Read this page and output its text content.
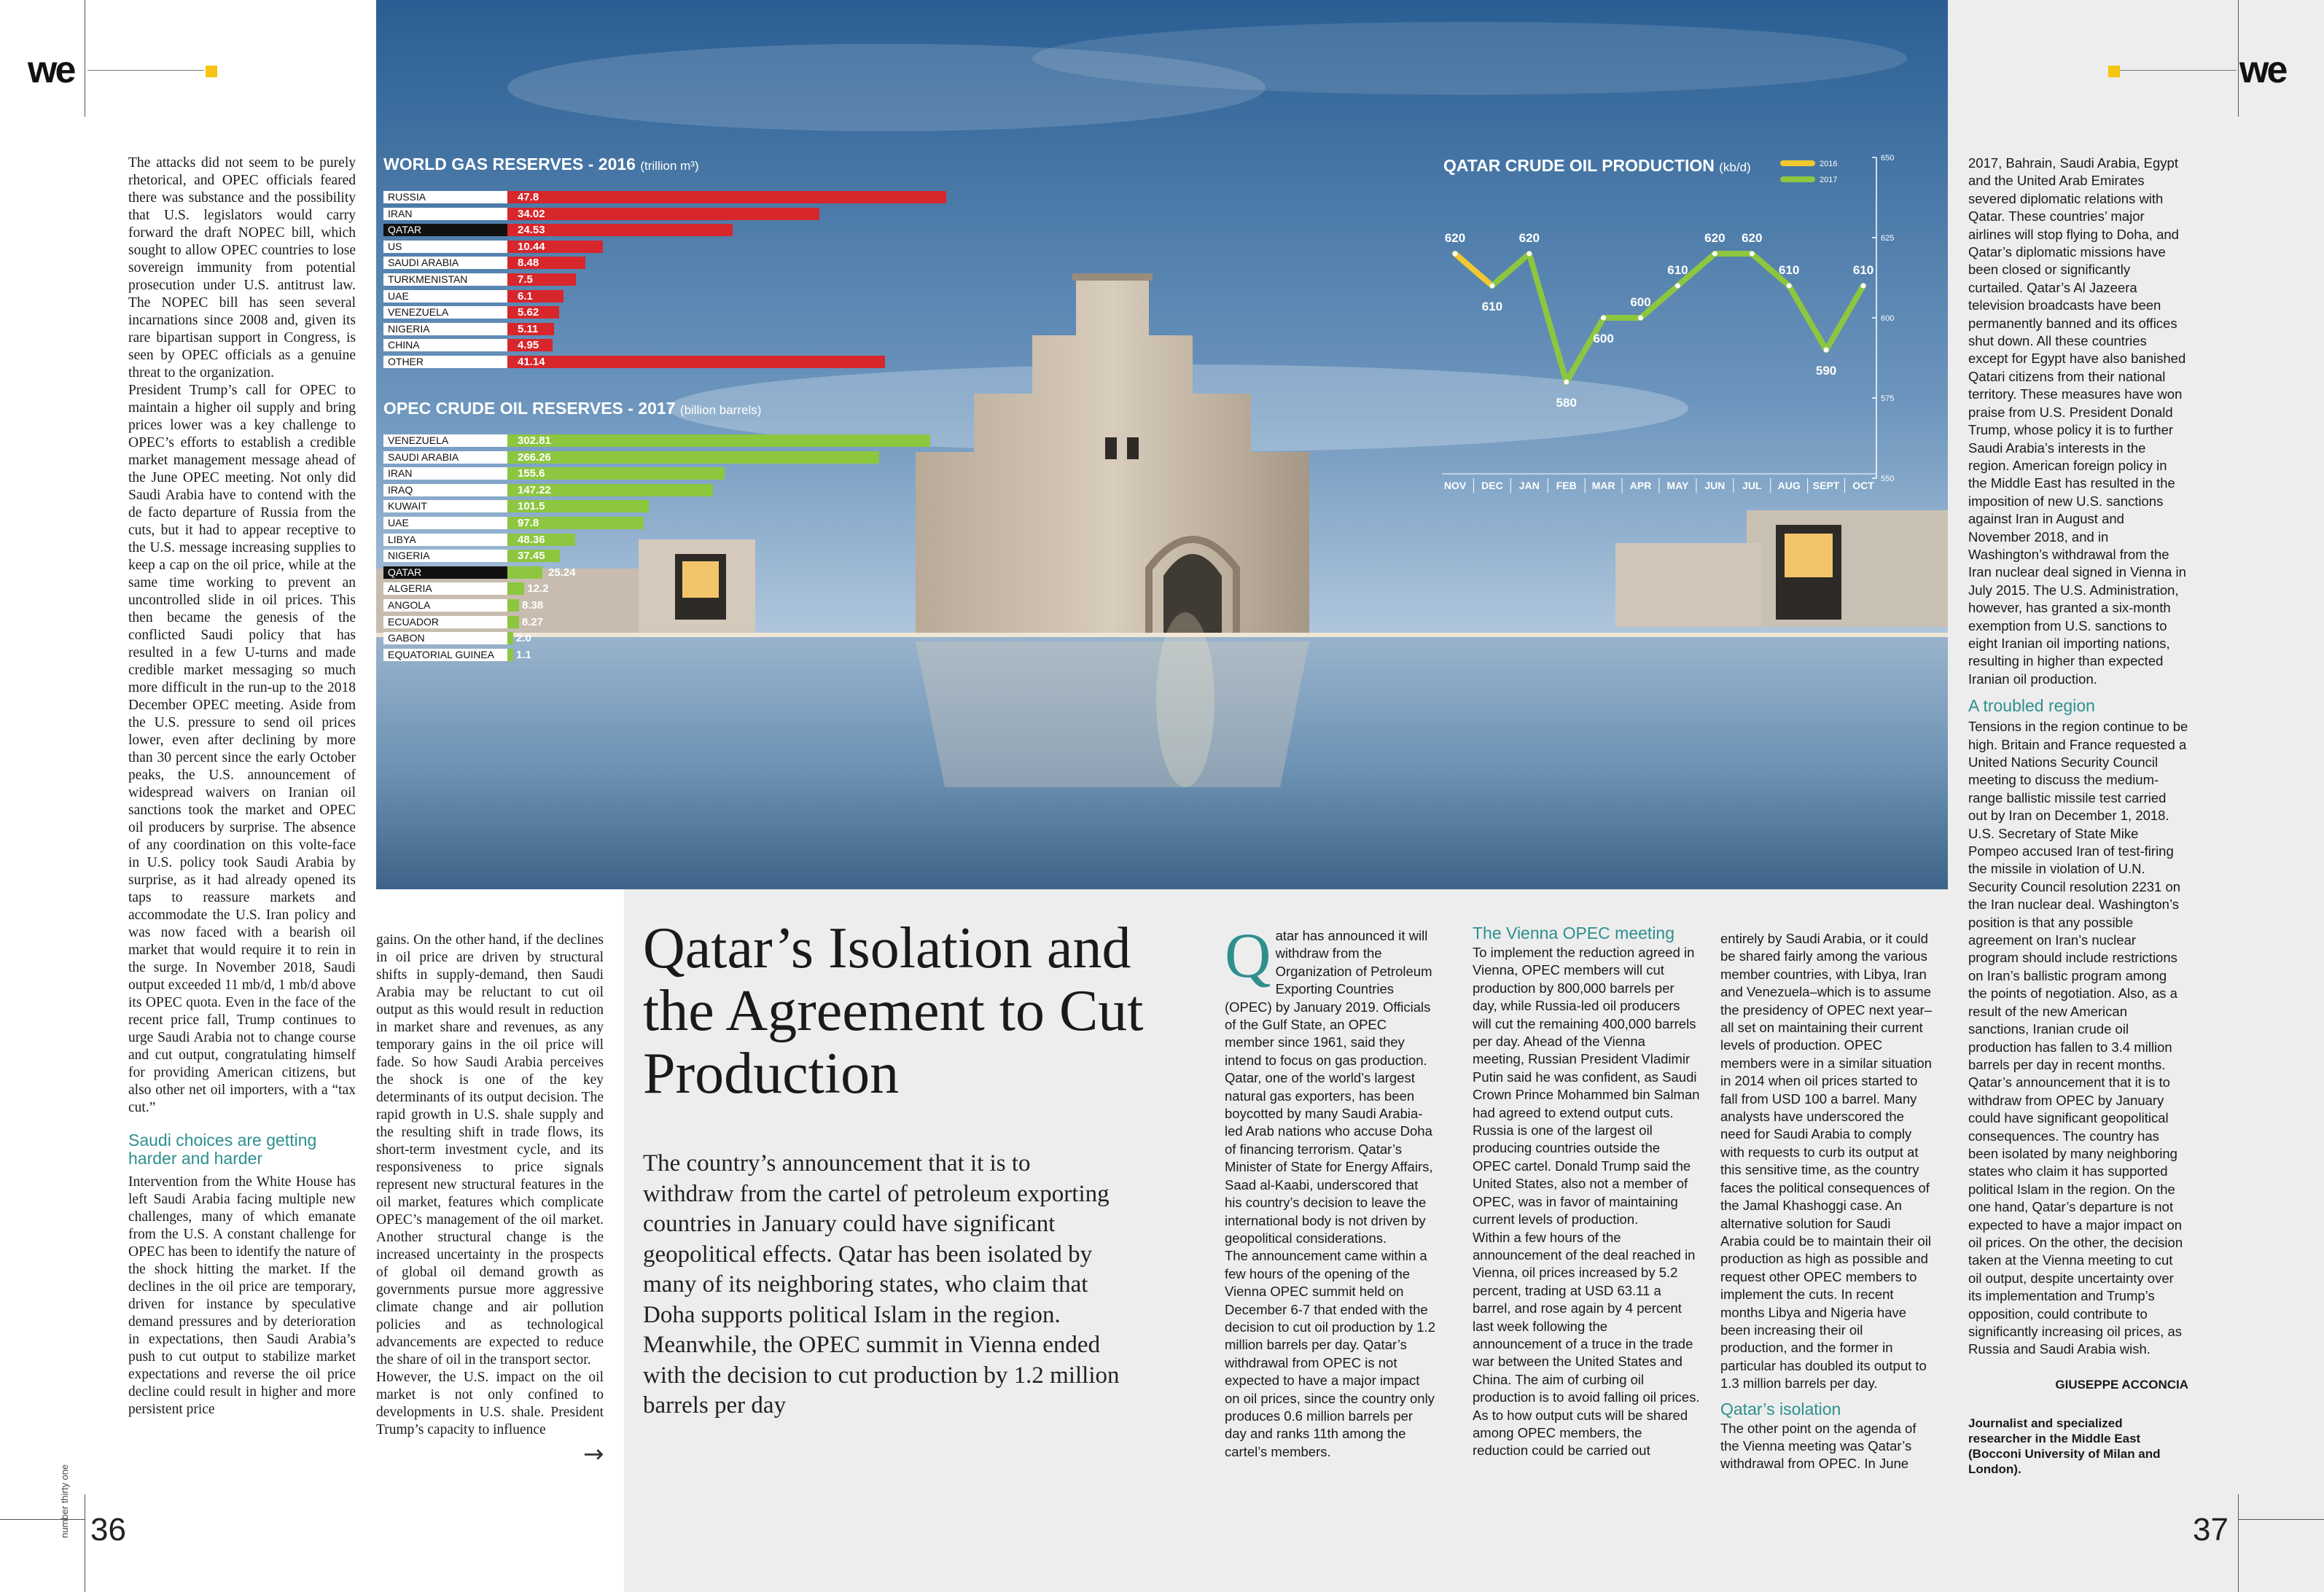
WORLD GAS RESERVES - 2016 (trillion m³)
RUSSIA	47.8
IRAN	34.02
QATAR	24.53
US	10.44
SAUDI ARABIA	8.48
TURKMENISTAN	7.5
UAE	6.1
VENEZUELA	5.62
NIGERIA	5.11
CHINA	4.95
OTHER	41.14
OPEC CRUDE OIL RESERVES - 2017 (billion barrels)
VENEZUELA	302.81
SAUDI ARABIA	266.26
IRAN	155.6
IRAQ	147.22
KUWAIT	101.5
UAE	97.8
LIBYA	48.36
NIGERIA	37.45
QATAR	25.24
ALGERIA	12.2
ANGOLA	8.38
ECUADOR	8.27
GABON	2.0
EQUATORIAL GUINEA	1.1
QATAR CRUDE OIL PRODUCTION (kb/d)
650
625
600
575
550
NOV DEC JAN FEB MAR APR MAY JUN JUL AUG SEPT OCT
2016
2017
620
610
620
580
600
600
610
620 620
610
590
610
we	we
The attacks did not seem to be purely rhetorical, and OPEC officials feared there was substance and the possibility that U.S. legislators would carry forward the draft NOPEC bill, which sought to allow OPEC countries to lose sovereign immunity from potential prosecution under U.S. antitrust law. The NOPEC bill has seen several incarnations since 2008 and, given its rare bipartisan support in Congress, is seen by OPEC officials as a genuine threat to the organization.
President Trump’s call for OPEC to maintain a higher oil supply and bring prices lower was a key challenge to OPEC’s efforts to establish a credible market management message ahead of the June OPEC meeting. Not only did Saudi Arabia have to contend with the de facto departure of Russia from the cuts, but it had to appear receptive to the U.S. message increasing supplies to keep a cap on the oil price, while at the same time working to prevent an uncontrolled slide in oil prices. This then became the genesis of the conflicted Saudi policy that has resulted in a few U-turns and made credible market messaging so much more difficult in the run-up to the 2018 December OPEC meeting. Aside from the U.S. pressure to send oil prices lower, even after declining by more than 30 percent since the early October peaks, the U.S. announcement of widespread waivers on Iranian oil sanctions took the market and OPEC oil producers by surprise. The absence of any coordination on this volte-face in U.S. policy took Saudi Arabia by surprise, as it had already opened its taps to reassure markets and accommodate the U.S. Iran policy and was now faced with a bearish oil market that would require it to rein in the surge. In November 2018, Saudi output exceeded 11 mb/d, 1 mb/d above its OPEC quota. Even in the face of the recent price fall, Trump continues to urge Saudi Arabia not to change course and cut output, congratulating himself for providing American citizens, but also other net oil importers, with a “tax cut.”
Saudi choices are getting harder and harder
Intervention from the White House has left Saudi Arabia facing multiple new challenges, many of which emanate from the U.S. A constant challenge for OPEC has been to identify the nature of the shock hitting the market. If the declines in the oil price are temporary, driven for instance by speculative demand pressures and by deterioration in expectations, then Saudi Arabia’s push to cut output to stabilize market expectations and reverse the oil price decline could result in higher and more persistent price
gains. On the other hand, if the declines in oil price are driven by structural shifts in supply-demand, then Saudi Arabia may be reluctant to cut oil output as this would result in reduction in market share and revenues, as any temporary gains in the oil price will fade. So how Saudi Arabia perceives the shock is one of the key determinants of its output decision. The rapid growth in U.S. shale supply and the resulting shift in trade flows, its short-term investment cycle, and its responsiveness to price signals represent new structural features in the oil market, features which complicate OPEC’s management of the oil market. Another structural change is the increased uncertainty in the prospects of global oil demand growth as governments pursue more aggressive climate change and air pollution policies and as technological advancements are expected to reduce the share of oil in the transport sector.
However, the U.S. impact on the oil market is not only confined to developments in U.S. shale. President Trump’s capacity to influence
→
Qatar’s Isolation and the Agreement to Cut Production
The country’s announcement that it is to withdraw from the cartel of petroleum exporting countries in January could have significant geopolitical effects. Qatar has been isolated by many of its neighboring states, who claim that Doha supports political Islam in the region. Meanwhile, the OPEC summit in Vienna ended with the decision to cut production by 1.2 million barrels per day
Q atar has announced it will withdraw from the Organization of Petroleum Exporting Countries (OPEC) by January 2019. Officials of the Gulf State, an OPEC member since 1961, said they intend to focus on gas production. Qatar, one of the world’s largest natural gas exporters, has been boycotted by many Saudi Arabia-led Arab nations who accuse Doha of financing terrorism. Qatar’s Minister of State for Energy Affairs, Saad al-Kaabi, underscored that his country’s decision to leave the international body is not driven by geopolitical considerations.
The announcement came within a few hours of the opening of the Vienna OPEC summit held on December 6-7 that ended with the decision to cut oil production by 1.2 million barrels per day. Qatar’s withdrawal from OPEC is not expected to have a major impact on oil prices, since the country only produces 0.6 million barrels per day and ranks 11th among the cartel’s members.
The Vienna OPEC meeting
To implement the reduction agreed in Vienna, OPEC members will cut production by 800,000 barrels per day, while Russia-led oil producers will cut the remaining 400,000 barrels per day. Ahead of the Vienna meeting, Russian President Vladimir Putin said he was confident, as Saudi Crown Prince Mohammed bin Salman had agreed to extend output cuts. Russia is one of the largest oil producing countries outside the OPEC cartel. Donald Trump said the United States, also not a member of OPEC, was in favor of maintaining current levels of production.
Within a few hours of the announcement of the deal reached in Vienna, oil prices increased by 5.2 percent, trading at USD 63.11 a barrel, and rose again by 4 percent last week following the announcement of a truce in the trade war between the United States and China. The aim of curbing oil production is to avoid falling oil prices. As to how output cuts will be shared among OPEC members, the reduction could be carried out
entirely by Saudi Arabia, or it could be shared fairly among the various member countries, with Libya, Iran and Venezuela–which is to assume the presidency of OPEC next year–all set on maintaining their current levels of production. OPEC members were in a similar situation in 2014 when oil prices started to fall from USD 100 a barrel. Many analysts have underscored the need for Saudi Arabia to comply with requests to curb its output at this sensitive time, as the country faces the political consequences of the Jamal Khashoggi case. An alternative solution for Saudi Arabia could be to maintain their oil production as high as possible and request other OPEC members to implement the cuts. In recent months Libya and Nigeria have been increasing their oil production, and the former in particular has doubled its output to 1.3 million barrels per day.
Qatar’s isolation
The other point on the agenda of the Vienna meeting was Qatar’s withdrawal from OPEC. In June
2017, Bahrain, Saudi Arabia, Egypt and the United Arab Emirates severed diplomatic relations with Qatar. These countries’ major airlines will stop flying to Doha, and Qatar’s diplomatic missions have been closed or significantly curtailed. Qatar’s Al Jazeera television broadcasts have been permanently banned and its offices shut down. All these countries except for Egypt have also banished Qatari citizens from their national territory. These measures have won praise from U.S. President Donald Trump, whose policy it is to further Saudi Arabia’s interests in the region. American foreign policy in the Middle East has resulted in the imposition of new U.S. sanctions against Iran in August and November 2018, and in Washington’s withdrawal from the Iran nuclear deal signed in Vienna in July 2015. The U.S. Administration, however, has granted a six-month exemption from U.S. sanctions to eight Iranian oil importing nations, resulting in higher than expected Iranian oil production.
A troubled region
Tensions in the region continue to be high. Britain and France requested a United Nations Security Council meeting to discuss the medium-range ballistic missile test carried out by Iran on December 1, 2018. U.S. Secretary of State Mike Pompeo accused Iran of test-firing the missile in violation of U.N. Security Council resolution 2231 on the Iran nuclear deal. Washington’s position is that any possible agreement on Iran’s nuclear program should include restrictions on Iran’s ballistic program among the points of negotiation. Also, as a result of the new American sanctions, Iranian crude oil production has fallen to 3.4 million barrels per day in recent months. Qatar’s announcement that it is to withdraw from OPEC by January could have significant geopolitical consequences. The country has been isolated by many neighboring states who claim it has supported political Islam in the region. On the one hand, Qatar’s departure is not expected to have a major impact on oil prices. On the other, the decision taken at the Vienna meeting to cut oil output, despite uncertainty over its implementation and Trump’s opposition, could contribute to significantly increasing oil prices, as Russia and Saudi Arabia wish.
GIUSEPPE ACCONCIA
Journalist and specialized researcher in the Middle East (Bocconi University of Milan and London).
36
number thirty one	37
